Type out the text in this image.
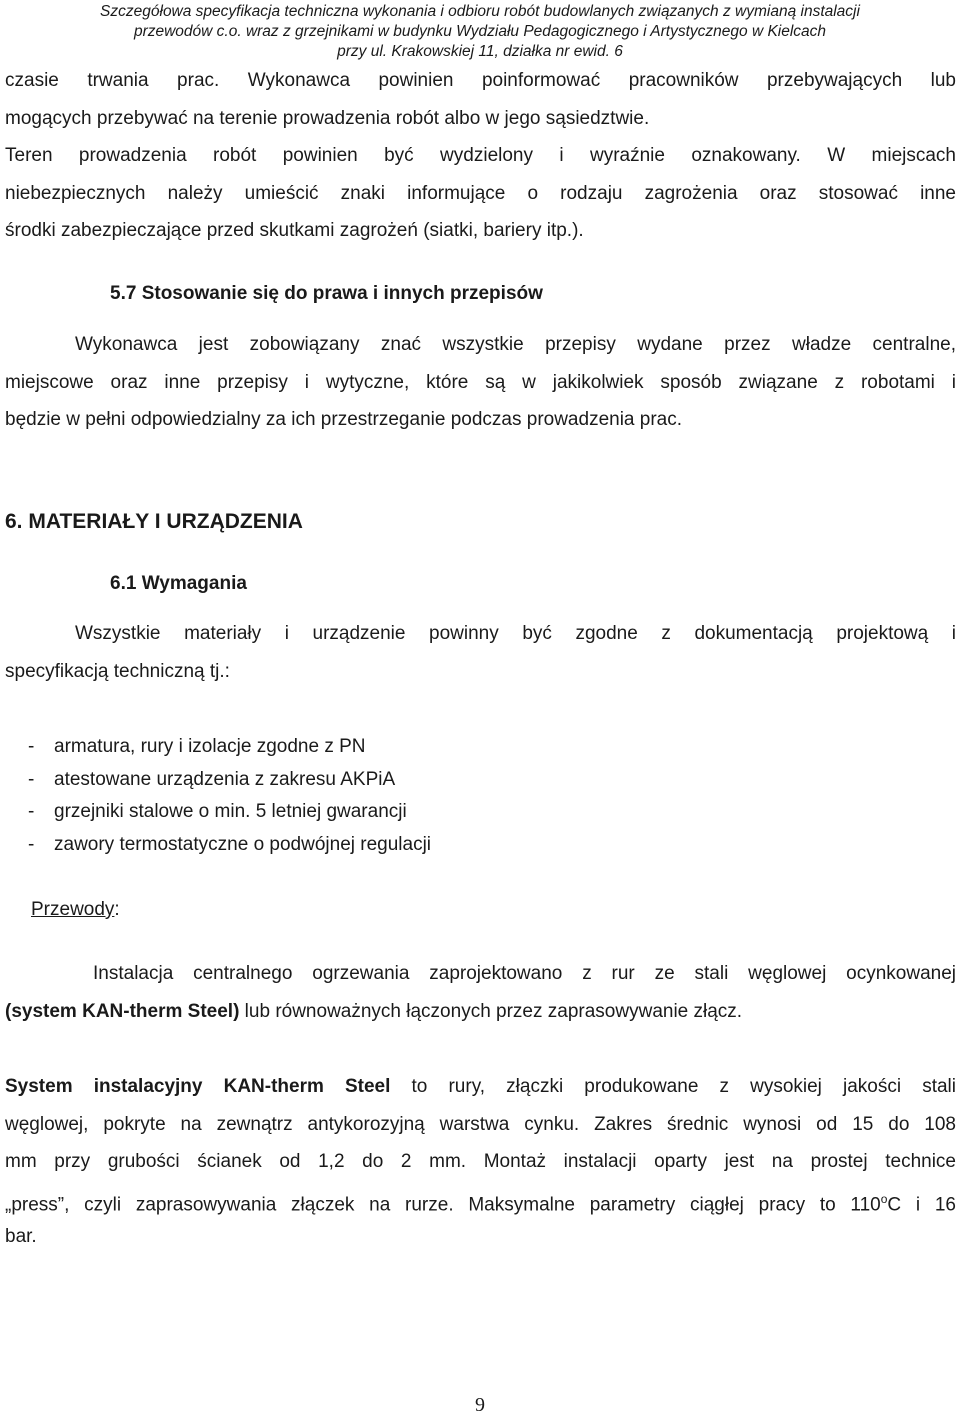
Szczegółowa specyfikacja techniczna wykonania i odbioru robót budowlanych związanych z wymianą instalacji
przewodów c.o. wraz z grzejnikami w budynku Wydziału Pedagogicznego i Artystycznego w Kielcach
przy ul. Krakowskiej 11, działka nr ewid. 6
czasie trwania prac. Wykonawca powinien poinformować pracowników przebywających lub
mogących przebywać na terenie prowadzenia robót albo w jego sąsiedztwie.
Teren prowadzenia robót powinien być wydzielony i wyraźnie oznakowany. W miejscach
niebezpiecznych należy umieścić znaki informujące o rodzaju zagrożenia oraz stosować inne
środki zabezpieczające przed skutkami zagrożeń (siatki, bariery itp.).
5.7 Stosowanie się do prawa i innych przepisów
Wykonawca jest zobowiązany znać wszystkie przepisy wydane przez władze centralne,
miejscowe oraz inne przepisy i wytyczne, które są w jakikolwiek sposób związane z robotami i
będzie w pełni odpowiedzialny za ich przestrzeganie podczas prowadzenia prac.
6. MATERIAŁY I URZĄDZENIA
6.1 Wymagania
Wszystkie materiały i urządzenie powinny być zgodne z dokumentacją projektową i
specyfikacją techniczną tj.:
- armatura, rury i izolacje zgodne z PN
- atestowane urządzenia z zakresu AKPiA
- grzejniki stalowe o min. 5 letniej gwarancji
- zawory termostatyczne o podwójnej regulacji
Przewody:
Instalacja centralnego ogrzewania zaprojektowano z rur ze stali węglowej ocynkowanej
(system KAN-therm Steel) lub równoważnych łączonych przez zaprasowywanie złącz.
System instalacyjny KAN-therm Steel to rury, złączki produkowane z wysokiej jakości stali
węglowej, pokryte na zewnątrz antykorozyjną warstwa cynku. Zakres średnic wynosi od 15 do 108
mm przy grubości ścianek od 1,2 do 2 mm. Montaż instalacji oparty jest na prostej technice
„press”, czyli zaprasowywania złączek na rurze. Maksymalne parametry ciągłej pracy to 110$^o$C i 16
bar.
9
